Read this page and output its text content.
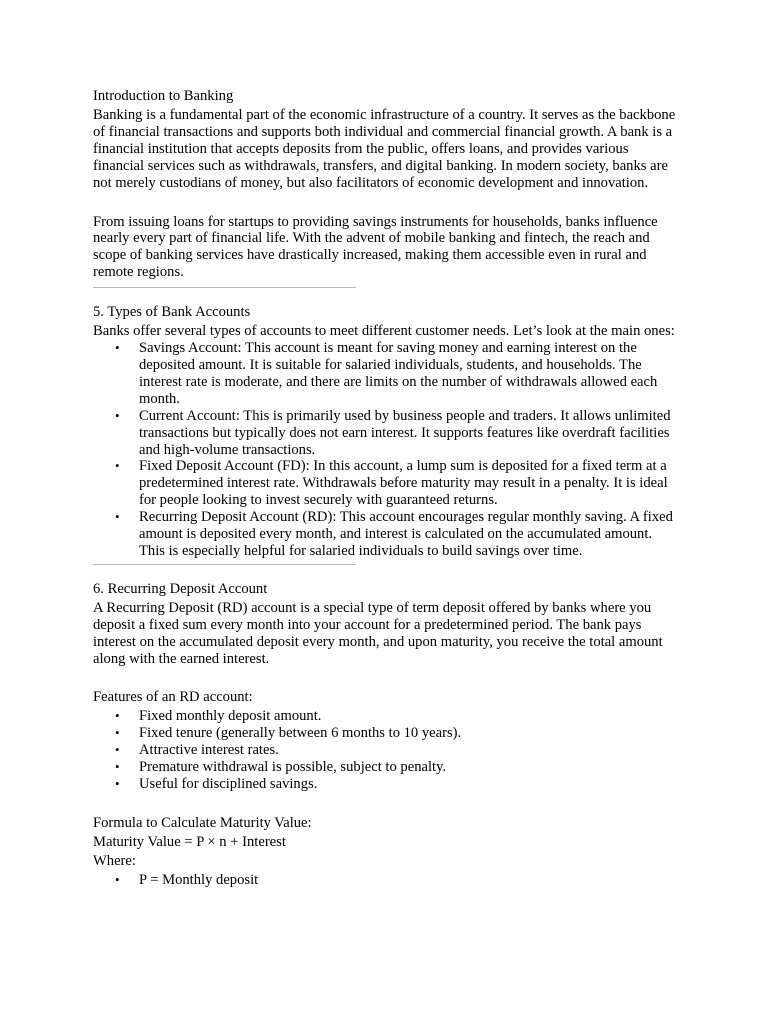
Introduction to Banking

Banking is a fundamental part of the economic infrastructure of a country. It serves as the backbone of financial transactions and supports both individual and commercial financial growth. A bank is a financial institution that accepts deposits from the public, offers loans, and provides various financial services such as withdrawals, transfers, and digital banking. In modern society, banks are not merely custodians of money, but also facilitators of economic development and innovation.

From issuing loans for startups to providing savings instruments for households, banks influence nearly every part of financial life. With the advent of mobile banking and fintech, the reach and scope of banking services have drastically increased, making them accessible even in rural and remote regions.

5. Types of Bank Accounts

Banks offer several types of accounts to meet different customer needs. Let’s look at the main ones:

• Savings Account: This account is meant for saving money and earning interest on the deposited amount. It is suitable for salaried individuals, students, and households. The interest rate is moderate, and there are limits on the number of withdrawals allowed each month.
• Current Account: This is primarily used by business people and traders. It allows unlimited transactions but typically does not earn interest. It supports features like overdraft facilities and high-volume transactions.
• Fixed Deposit Account (FD): In this account, a lump sum is deposited for a fixed term at a predetermined interest rate. Withdrawals before maturity may result in a penalty. It is ideal for people looking to invest securely with guaranteed returns.
• Recurring Deposit Account (RD): This account encourages regular monthly saving. A fixed amount is deposited every month, and interest is calculated on the accumulated amount. This is especially helpful for salaried individuals to build savings over time.
6. Recurring Deposit Account

A Recurring Deposit (RD) account is a special type of term deposit offered by banks where you deposit a fixed sum every month into your account for a predetermined period. The bank pays interest on the accumulated deposit every month, and upon maturity, you receive the total amount along with the earned interest.

Features of an RD account:

• Fixed monthly deposit amount.
• Fixed tenure (generally between 6 months to 10 years).
• Attractive interest rates.
• Premature withdrawal is possible, subject to penalty.
• Useful for disciplined savings.

Formula to Calculate Maturity Value:

Maturity Value = P × n + Interest

Where:

• P = Monthly deposit
